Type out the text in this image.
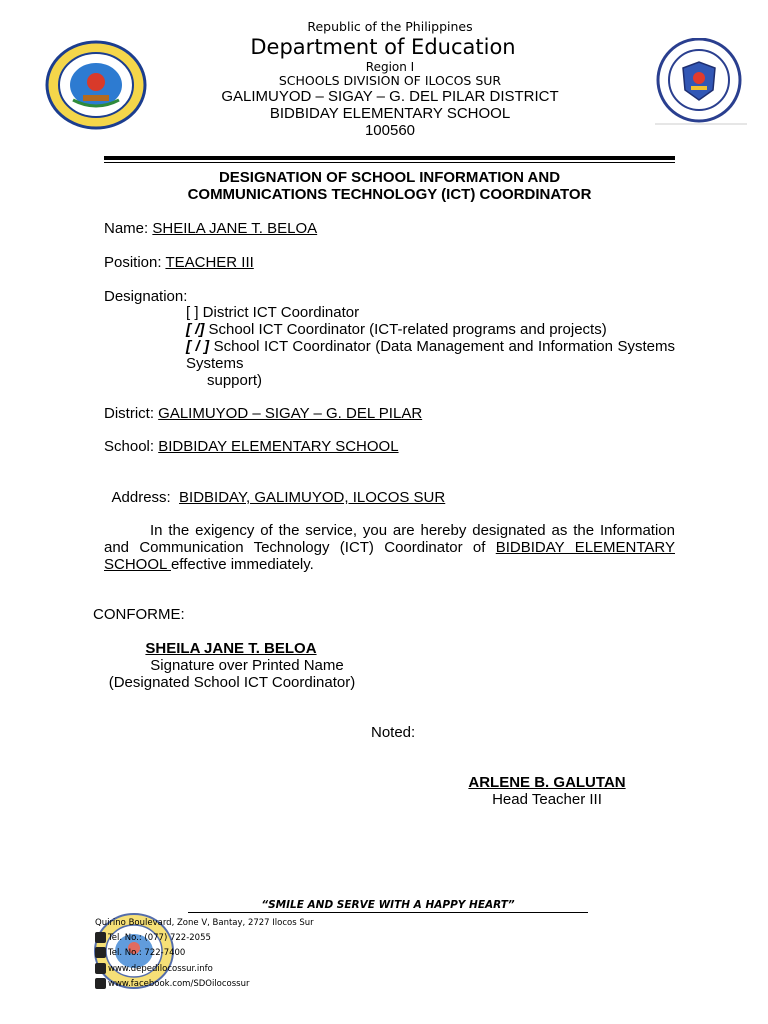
Republic of the Philippines
Department of Education
Region I
SCHOOLS DIVISION OF ILOCOS SUR
GALIMUYOD – SIGAY – G. DEL PILAR DISTRICT
BIDBIDAY ELEMENTARY SCHOOL
100560
DESIGNATION OF SCHOOL INFORMATION AND
COMMUNICATIONS TECHNOLOGY (ICT) COORDINATOR
Name: SHEILA JANE T. BELOA
Position: TEACHER III
Designation:
[ ] District ICT Coordinator
[ /] School ICT Coordinator (ICT-related programs and projects)
[ / ] School ICT Coordinator (Data Management and Information Systems
Systems
support)
District: GALIMUYOD – SIGAY – G. DEL PILAR
School: BIDBIDAY ELEMENTARY SCHOOL

Address:  BIDBIDAY, GALIMUYOD, ILOCOS SUR

In the exigency of the service, you are hereby designated as the Information and Communication Technology (ICT) Coordinator of BIDBIDAY ELEMENTARY SCHOOL effective immediately.
CONFORME:
SHEILA JANE T. BELOA
Signature over Printed Name
(Designated School ICT Coordinator)
Noted:
ARLENE B. GALUTAN
Head Teacher III
“SMILE AND SERVE WITH A HAPPY HEART”
Quirino Boulevard, Zone V, Bantay, 2727 Ilocos Sur
Tel. No.: (077) 722-2055
Tel. No.: 722-7400
www.depedilocossur.info
www.facebook.com/SDOilocossur
